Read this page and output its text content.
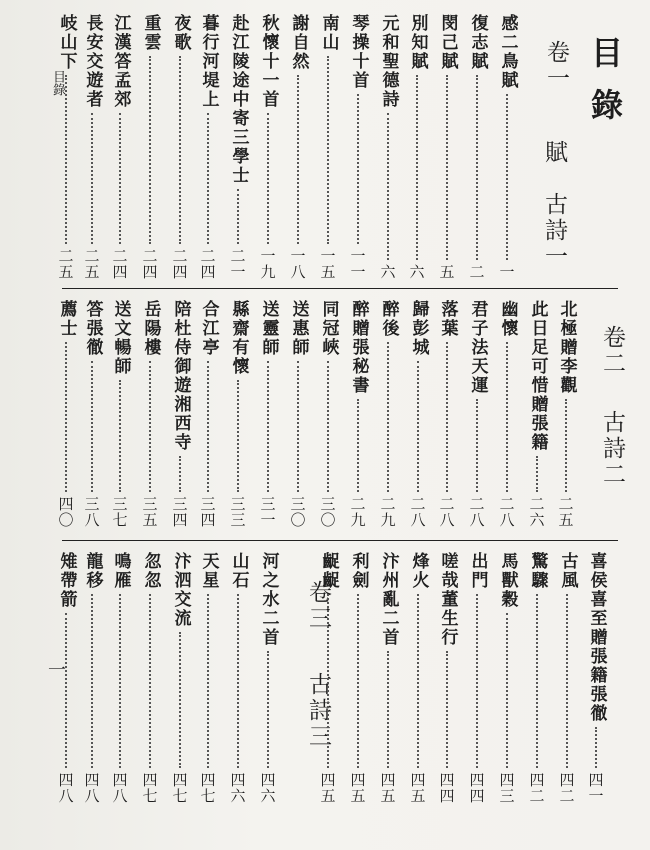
目錄
目錄
一
卷一
賦　古詩一
感二鳥賦
一
復志賦
二
閔己賦
五
別知賦
六
元和聖德詩
六
琴操十首
一一
南山
一五
謝自然
一八
秋懷十一首
一九
赴江陵途中寄三學士
二一
暮行河堤上
二四
夜歌
二四
重雲
二四
江漢答孟郊
二四
長安交遊者
二五
岐山下
二五
卷二
古詩二
北極贈李觀
二五
此日足可惜贈張籍
二六
幽懷
二八
君子法天運
二八
落葉
二八
歸彭城
二八
醉後
二九
醉贈張秘書
二九
同冠峽
三〇
送惠師
三〇
送靈師
三一
縣齋有懷
三三
合江亭
三四
陪杜侍御遊湘西寺
三四
岳陽樓
三五
送文暢師
三七
答張徹
三八
薦士
四〇
卷三
古詩三	喜侯喜至贈張籍張徹
四一
古風
四二
驚驟
四二
馬獸穀
四三
出門
四四
嗟哉董生行
四四
烽火
四五
汴州亂二首
四五
利劍
四五
齪齪
四五
河之水二首
四六
山石
四六
天星
四七
汴泗交流
四七
忽忽
四七
鳴雁
四八
龍移
四八
雉帶箭
四八
